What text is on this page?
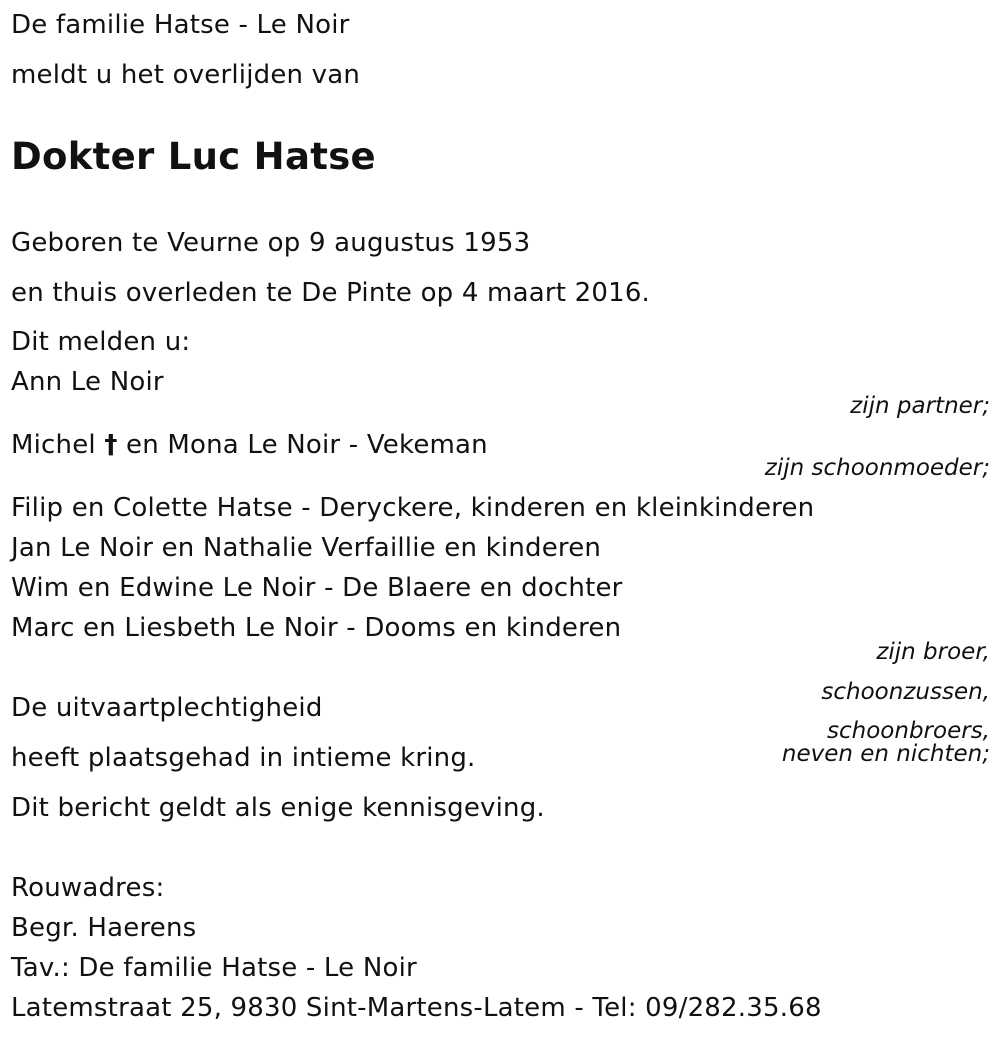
De familie Hatse - Le Noir
meldt u het overlijden van
Dokter Luc Hatse
Geboren te Veurne op 9 augustus 1953
en thuis overleden te De Pinte op 4 maart 2016.
Dit melden u:
Ann Le Noir
zijn partner;
Michel † en Mona Le Noir - Vekeman
zijn schoonmoeder;
Filip en Colette Hatse - Deryckere, kinderen en kleinkinderen
Jan Le Noir en Nathalie Verfaillie en kinderen
Wim en Edwine Le Noir - De Blaere en dochter
Marc en Liesbeth Le Noir - Dooms en kinderen
zijn broer,
schoonzussen,
schoonbroers,
neven en nichten;
De uitvaartplechtigheid
heeft plaatsgehad in intieme kring.
Dit bericht geldt als enige kennisgeving.
Rouwadres:
Begr. Haerens
Tav.: De familie Hatse - Le Noir
Latemstraat 25, 9830 Sint-Martens-Latem - Tel: 09/282.35.68
